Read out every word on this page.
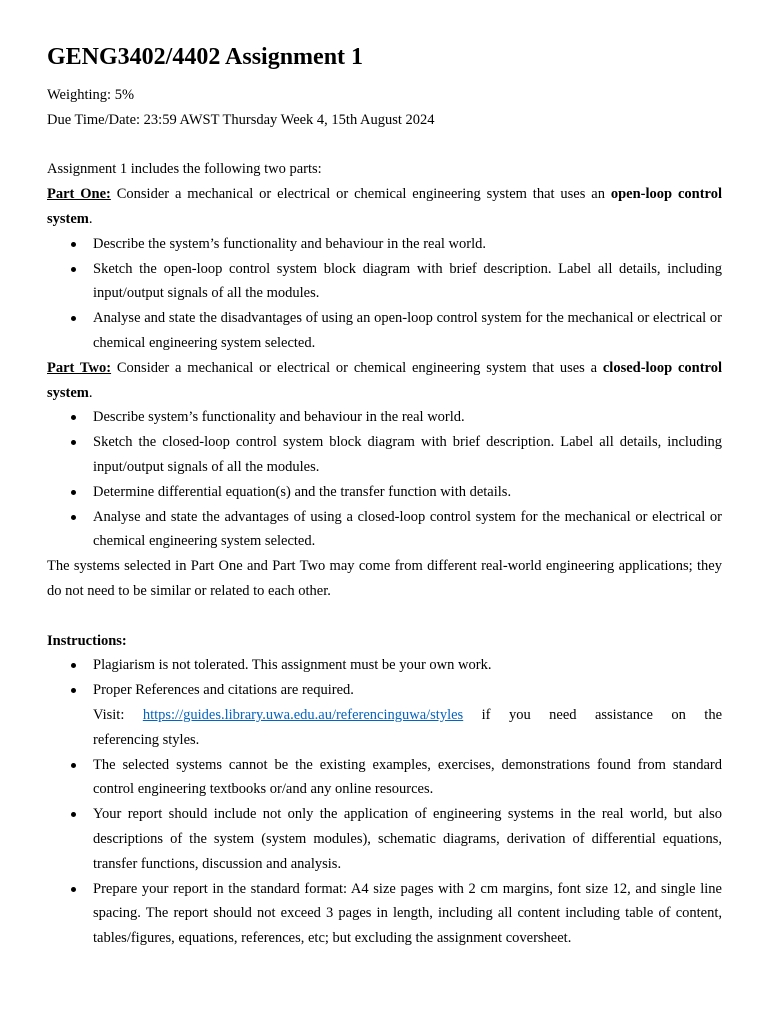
GENG3402/4402 Assignment 1

Weighting: 5%

Due Time/Date: 23:59 AWST Thursday Week 4, 15th August 2024

Assignment 1 includes the following two parts:

Part One: Consider a mechanical or electrical or chemical engineering system that uses an open-loop control system.

Describe the system’s functionality and behaviour in the real world.
Sketch the open-loop control system block diagram with brief description. Label all details, including input/output signals of all the modules.
Analyse and state the disadvantages of using an open-loop control system for the mechanical or electrical or chemical engineering system selected.

Part Two: Consider a mechanical or electrical or chemical engineering system that uses a closed-loop control system.

Describe system’s functionality and behaviour in the real world.
Sketch the closed-loop control system block diagram with brief description. Label all details, including input/output signals of all the modules.
Determine differential equation(s) and the transfer function with details.
Analyse and state the advantages of using a closed-loop control system for the mechanical or electrical or chemical engineering system selected.

The systems selected in Part One and Part Two may come from different real-world engineering applications; they do not need to be similar or related to each other.

Instructions:

Plagiarism is not tolerated. This assignment must be your own work.
Proper References and citations are required.
Visit: https://guides.library.uwa.edu.au/referencinguwa/styles if you need assistance on the
referencing styles.
The selected systems cannot be the existing examples, exercises, demonstrations found from standard control engineering textbooks or/and any online resources.
Your report should include not only the application of engineering systems in the real world, but also descriptions of the system (system modules), schematic diagrams, derivation of differential equations, transfer functions, discussion and analysis.
Prepare your report in the standard format: A4 size pages with 2 cm margins, font size 12, and single line spacing. The report should not exceed 3 pages in length, including all content including table of content, tables/figures, equations, references, etc; but excluding the assignment coversheet.
